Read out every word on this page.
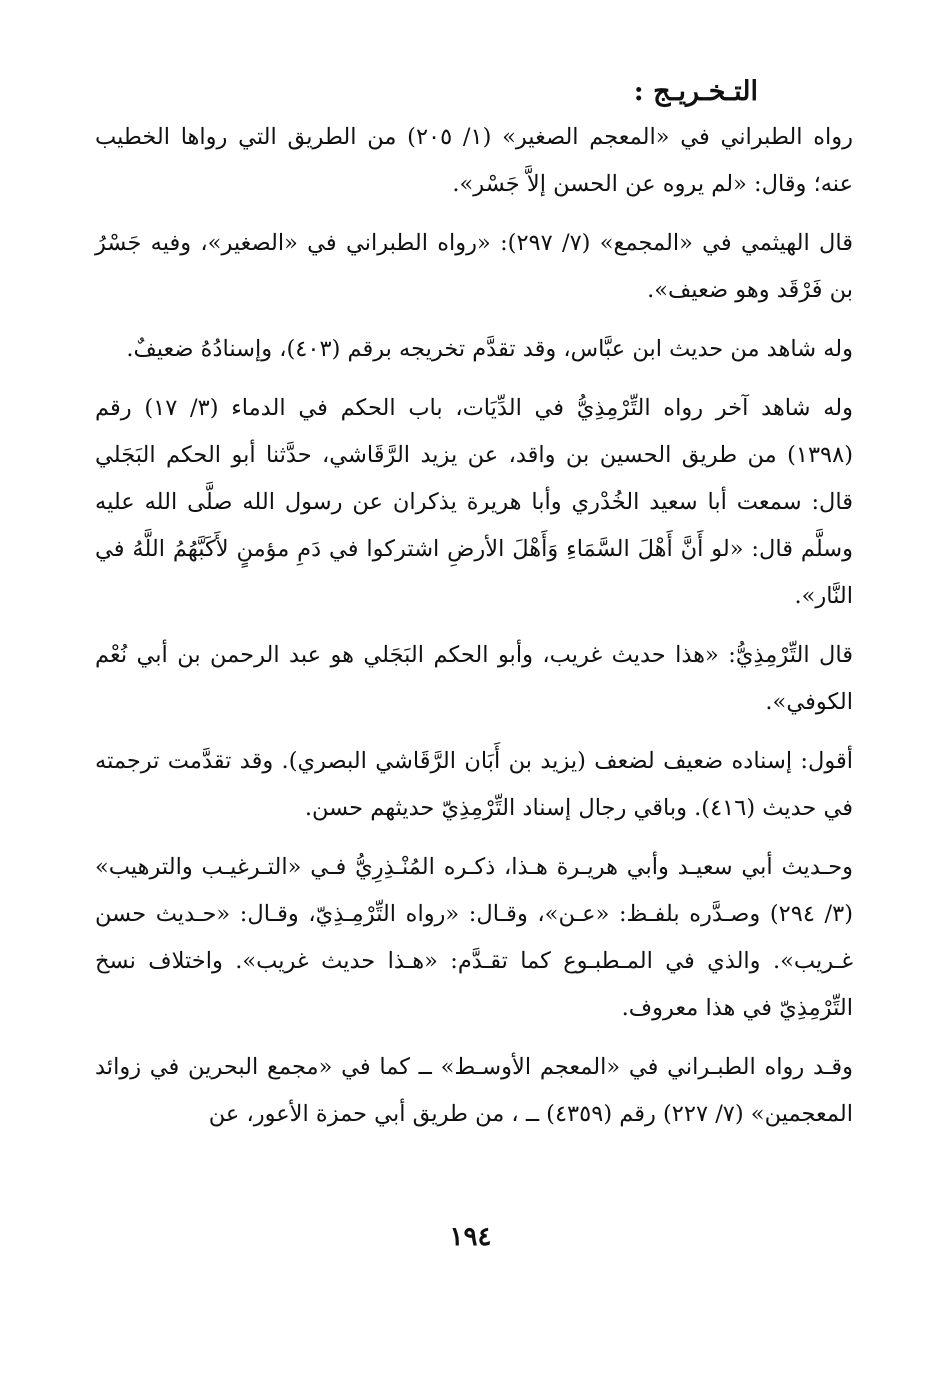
التـخـريـج :

رواه الطبراني في «المعجم الصغير» (١/ ٢٠٥) من الطريق التي رواها الخطيب عنه؛ وقال: «لم يروه عن الحسن إلاَّ جَسْر».

قال الهيثمي في «المجمع» (٧/ ٢٩٧): «رواه الطبراني في «الصغير»، وفيه جَسْرُ بن فَرْقَد وهو ضعيف».

وله شاهد من حديث ابن عبَّاس، وقد تقدَّم تخريجه برقم (٤٠٣)، وإسنادُهُ ضعيفٌ.

وله شاهد آخر رواه التِّرْمِذِيُّ في الدِّيَات، باب الحكم في الدماء (٣/ ١٧) رقم (١٣٩٨) من طريق الحسين بن واقد، عن يزيد الرَّقَاشي، حدَّثنا أبو الحكم البَجَلي قال: سمعت أبا سعيد الخُدْري وأبا هريرة يذكران عن رسول الله صلَّى الله عليه وسلَّم قال: «لو أَنَّ أَهْلَ السَّمَاءِ وَأَهْلَ الأرضِ اشتركوا في دَمِ مؤمنٍ لأَكَبَّهُمُ اللَّهُ في النَّار».

قال التِّرْمِذِيُّ: «هذا حديث غريب، وأبو الحكم البَجَلي هو عبد الرحمن بن أبي نُعْم الكوفي».

أقول: إسناده ضعيف لضعف (يزيد بن أَبَان الرَّقَاشي البصري). وقد تقدَّمت ترجمته في حديث (٤١٦). وباقي رجال إسناد التِّرْمِذِيّ حديثهم حسن.

وحـديث أبي سعيـد وأبي هريـرة هـذا، ذكـره المُنْـذِرِيُّ فـي «التـرغيـب والترهيب» (٣/ ٢٩٤) وصـدَّره بلفـظ: «عـن»، وقـال: «رواه التِّرْمِـذِيّ، وقـال: «حـديث حسن غـريب». والذي في المـطبـوع كما تقـدَّم: «هـذا حديث غريب». واختلاف نسخ التِّرْمِذِيّ في هذا معروف.

وقـد رواه الطبـراني في «المعجم الأوسـط» ــ كما في «مجمع البحرين في زوائد المعجمين» (٧/ ٢٢٧) رقم (٤٣٥٩) ــ ، من طريق أبي حمزة الأعور، عن

١٩٤
